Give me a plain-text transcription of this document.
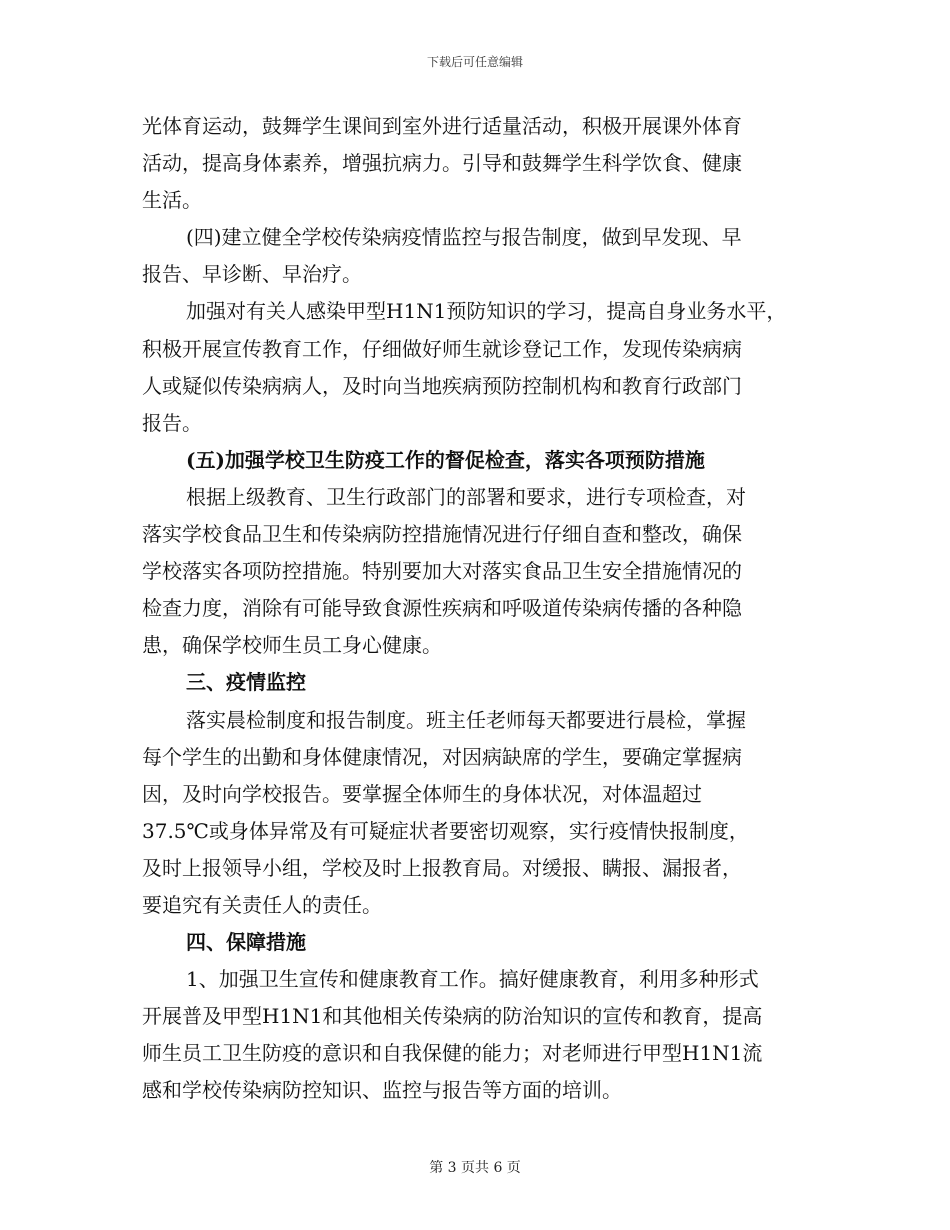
下载后可任意编辑
光体育运动，鼓舞学生课间到室外进行适量活动，积极开展课外体育
活动，提高身体素养，增强抗病力。引导和鼓舞学生科学饮食、健康
生活。
(四)建立健全学校传染病疫情监控与报告制度，做到早发现、早
报告、早诊断、早治疗。
加强对有关人感染甲型H1N1预防知识的学习，提高自身业务水平，
积极开展宣传教育工作，仔细做好师生就诊登记工作，发现传染病病
人或疑似传染病病人，及时向当地疾病预防控制机构和教育行政部门
报告。
(五)加强学校卫生防疫工作的督促检查，落实各项预防措施
根据上级教育、卫生行政部门的部署和要求，进行专项检查，对
落实学校食品卫生和传染病防控措施情况进行仔细自查和整改，确保
学校落实各项防控措施。特别要加大对落实食品卫生安全措施情况的
检查力度，消除有可能导致食源性疾病和呼吸道传染病传播的各种隐
患，确保学校师生员工身心健康。
三、疫情监控
落实晨检制度和报告制度。班主任老师每天都要进行晨检，掌握
每个学生的出勤和身体健康情况，对因病缺席的学生，要确定掌握病
因，及时向学校报告。要掌握全体师生的身体状况，对体温超过
37.5℃或身体异常及有可疑症状者要密切观察，实行疫情快报制度，
及时上报领导小组，学校及时上报教育局。对缓报、瞒报、漏报者，
要追究有关责任人的责任。
四、保障措施
1、加强卫生宣传和健康教育工作。搞好健康教育，利用多种形式
开展普及甲型H1N1和其他相关传染病的防治知识的宣传和教育，提高
师生员工卫生防疫的意识和自我保健的能力；对老师进行甲型H1N1流
感和学校传染病防控知识、监控与报告等方面的培训。
第 3 页共 6 页
